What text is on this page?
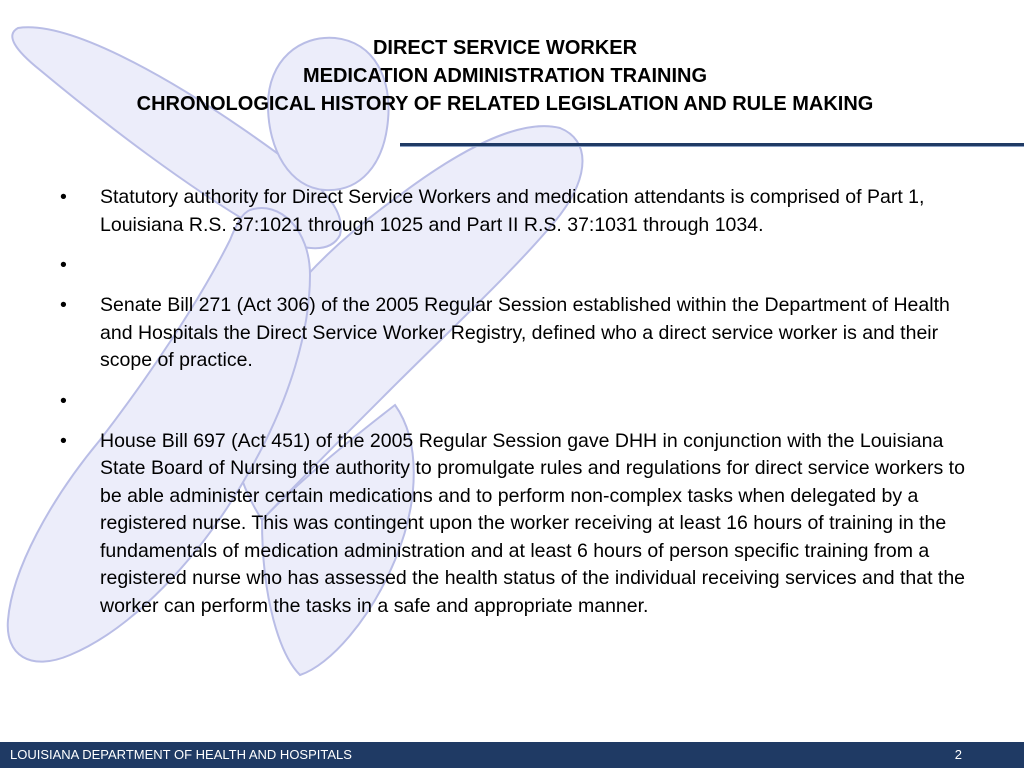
DIRECT SERVICE WORKER
MEDICATION ADMINISTRATION TRAINING
CHRONOLOGICAL HISTORY OF RELATED LEGISLATION AND RULE MAKING
• Statutory authority for Direct Service Workers and medication attendants is comprised of Part 1, Louisiana R.S. 37:1021 through 1025 and Part II R.S. 37:1031 through 1034.
•
• Senate Bill 271 (Act 306) of the 2005 Regular Session established within the Department of Health and Hospitals the Direct Service Worker Registry, defined who a direct service worker is and their scope of practice.
•
• House Bill 697 (Act 451) of the 2005 Regular Session gave DHH in conjunction with the Louisiana State Board of Nursing the authority to promulgate rules and regulations for direct service workers to be able administer certain medications and to perform non-complex tasks when delegated by a registered nurse. This was contingent upon the worker receiving at least 16 hours of training in the fundamentals of medication administration and at least 6 hours of person specific training from a registered nurse who has assessed the health status of the individual receiving services and that the worker can perform the tasks in a safe and appropriate manner.
LOUISIANA DEPARTMENT OF HEALTH AND HOSPITALS	2
